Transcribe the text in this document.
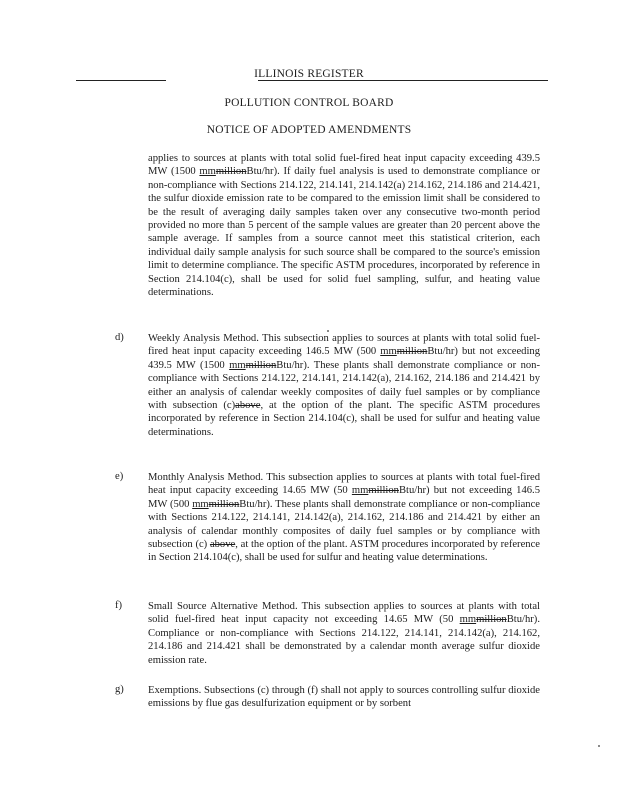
ILLINOIS REGISTER
POLLUTION CONTROL BOARD
NOTICE OF ADOPTED AMENDMENTS
applies to sources at plants with total solid fuel-fired heat input capacity exceeding 439.5 MW (1500 mmmillionBtu/hr). If daily fuel analysis is used to demonstrate compliance or non-compliance with Sections 214.122, 214.141, 214.142(a) 214.162, 214.186 and 214.421, the sulfur dioxide emission rate to be compared to the emission limit shall be considered to be the result of averaging daily samples taken over any consecutive two-month period provided no more than 5 percent of the sample values are greater than 20 percent above the sample average. If samples from a source cannot meet this statistical criterion, each individual daily sample analysis for such source shall be compared to the source's emission limit to determine compliance. The specific ASTM procedures, incorporated by reference in Section 214.104(c), shall be used for solid fuel sampling, sulfur, and heating value determinations.
d) Weekly Analysis Method. This subsection applies to sources at plants with total solid fuel-fired heat input capacity exceeding 146.5 MW (500 mmmillionBtu/hr) but not exceeding 439.5 MW (1500 mmmillionBtu/hr). These plants shall demonstrate compliance or non-compliance with Sections 214.122, 214.141, 214.142(a), 214.162, 214.186 and 214.421 by either an analysis of calendar weekly composites of daily fuel samples or by compliance with subsection (c)above, at the option of the plant. The specific ASTM procedures incorporated by reference in Section 214.104(c), shall be used for sulfur and heating value determinations.
e) Monthly Analysis Method. This subsection applies to sources at plants with total fuel-fired heat input capacity exceeding 14.65 MW (50 mmmillionBtu/hr) but not exceeding 146.5 MW (500 mmmillionBtu/hr). These plants shall demonstrate compliance or non-compliance with Sections 214.122, 214.141, 214.142(a), 214.162, 214.186 and 214.421 by either an analysis of calendar monthly composites of daily fuel samples or by compliance with subsection (c) above, at the option of the plant. ASTM procedures incorporated by reference in Section 214.104(c), shall be used for sulfur and heating value determinations.
f) Small Source Alternative Method. This subsection applies to sources at plants with total solid fuel-fired heat input capacity not exceeding 14.65 MW (50 mmmillionBtu/hr). Compliance or non-compliance with Sections 214.122, 214.141, 214.142(a), 214.162, 214.186 and 214.421 shall be demonstrated by a calendar month average sulfur dioxide emission rate.
g) Exemptions. Subsections (c) through (f) shall not apply to sources controlling sulfur dioxide emissions by flue gas desulfurization equipment or by sorbent
